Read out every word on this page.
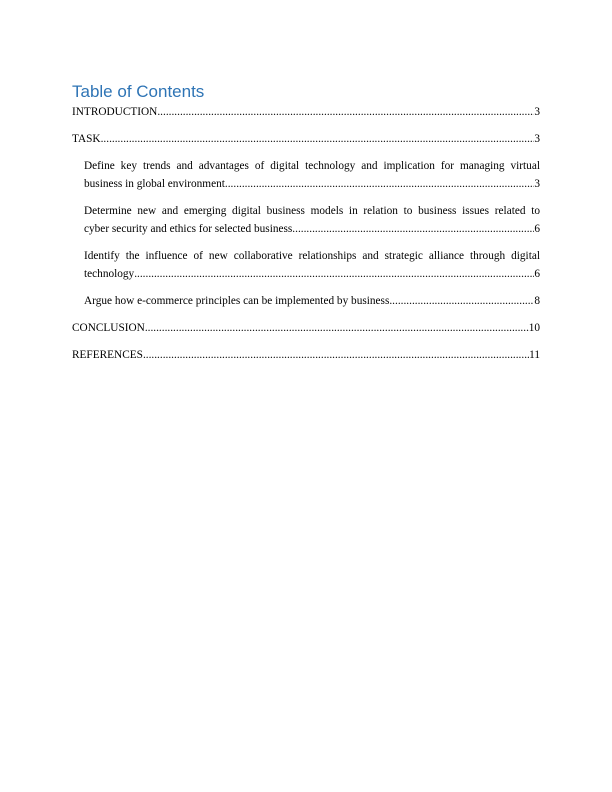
Table of Contents
INTRODUCTION .....	3
TASK .....	3
Define key trends and advantages of digital technology and implication for managing virtual
business in global environment .....	3
Determine new and emerging digital business models in relation to business issues related to
cyber security and ethics for selected business .....	6
Identify the influence of new collaborative relationships and strategic alliance through digital
technology .....	6
Argue how e-commerce principles can be implemented by business .....	8
CONCLUSION .....	10
REFERENCES .....	11
